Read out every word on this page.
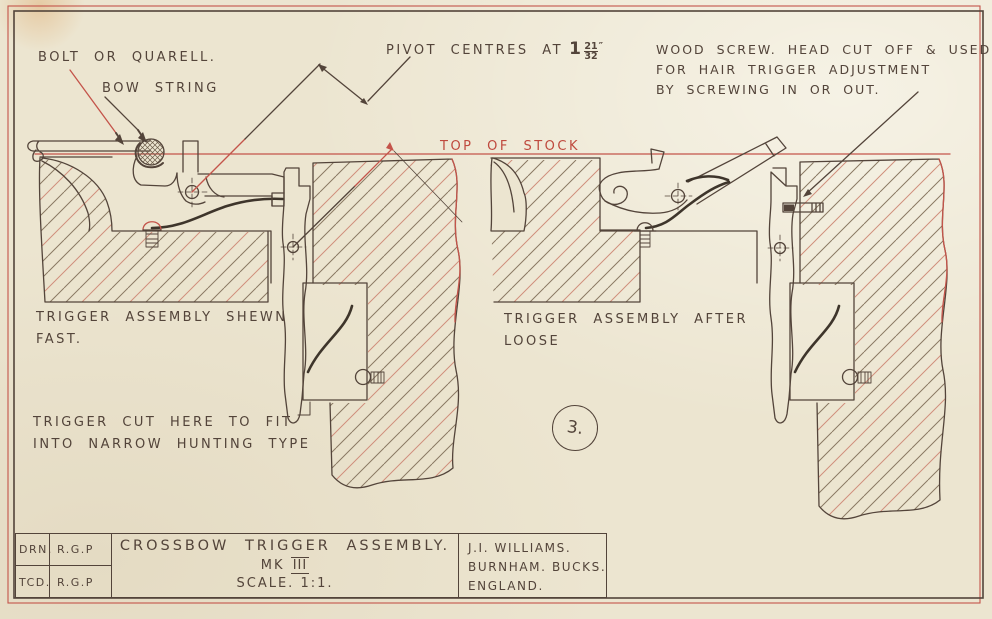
BOLT OR QUARELL.
BOW STRING
PIVOT CENTRES AT $1 \frac{21}{32}$ ″	WOOD SCREW. HEAD CUT OFF & USED
FOR HAIR TRIGGER ADJUSTMENT
BY SCREWING IN OR OUT.
TOP OF STOCK
TRIGGER ASSEMBLY SHEWN
FAST.
TRIGGER ASSEMBLY AFTER
LOOSE
TRIGGER CUT HERE TO FIT
INTO NARROW HUNTING TYPE
3.
DRN. R.G.P
TCD. R.G.P
CROSSBOW TRIGGER ASSEMBLY.
MK III
SCALE. 1:1.
J.I. WILLIAMS.
BURNHAM. BUCKS.
ENGLAND.
